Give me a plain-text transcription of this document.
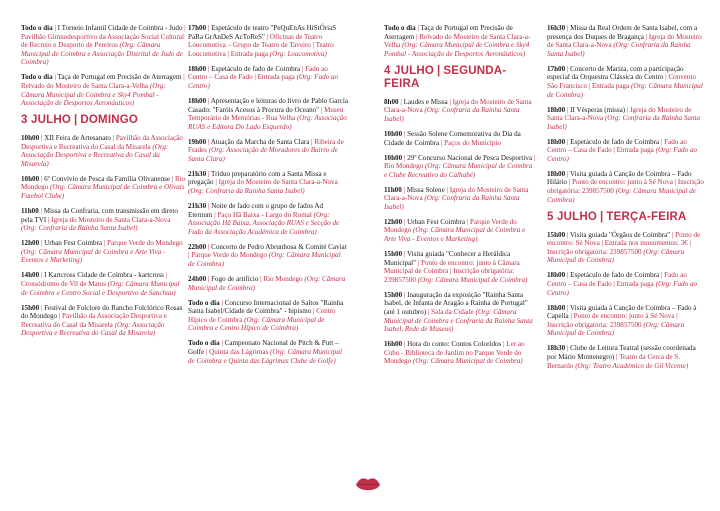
Todo o dia | I Torneio Infantil Cidade de Coimbra - Judo | Pavilhão Gimnodesportivo da Associação Social Cultural de Recreio e Desporto de Pereiros (Org: Câmara Municipal de Coimbra e Associação Distrital de Judo de Coimbra)

Todo o dia | Taça de Portugal em Precisão de Aterragem | Relvado do Mosteiro de Santa Clara-a-Velha (Org: Câmara Municipal de Coimbra e Sky4 Pombal - Associação de Desportos Aeronáuticos)

3 JULHO | DOMINGO

10h00 | XII Feira de Artesanato | Pavilhão da Associação Desportiva e Recreativa do Casal da Misarela (Org: Associação Desportiva e Recreativa do Casal da Misarela)

10h00 | 6º Convívio de Pesca da Família Olivanense | Rio Mondego (Org: Câmara Municipal de Coimbra e Olivais Futebol Clube)

11h00 | Missa da Confraria, com transmissão em direto pela TVI | Igreja do Mosteiro de Santa Clara-a-Nova (Org: Confraria da Rainha Santa Isabel)

12h00 | Urban Fest Coimbra | Parque Verde do Mondego (Org: Câmara Municipal de Coimbra e Arte Viva - Eventos e Marketing)

14h00 | I Kartcross Cidade de Coimbra - kartcross | Crossódromo de Vil de Matos (Org: Câmara Municipal de Coimbra e Centro Social e Desportivo de Sanchuu)

15h00 | Festival de Folclore do Rancho Folclórico Rosas do Mondego | Pavilhão da Associação Desportiva e Recreativa do Casal da Misarela (Org: Associação Desportiva e Recreativa do Casal da Misarela)

17h00 | Espetáculo de teatro "PeQuEnAs HiStÓriaS PaRa GrAnDeS AcToReS" | Oficinas de Teatro Loucomotiva – Grupo de Teatro de Taveiro | Teatro Loucomotiva | Entrada paga (Org: Loucomotiva)

18h00 | Espetáculo de fado de Coimbra | Fado ao Centro – Casa de Fado | Entrada paga (Org: Fado ao Centro)

18h00 | Apresentação e leituras do livro de Pablo García Casado: "Faróis Acesos à Procura do Oceano" | Museu Temporário de Memórias - Rua Velha (Org: Associação RUAS e Editora Do Lado Esquerdo)

19h00 | Atuação da Marcha de Santa Clara | Ribeira de Frades (Org: Associação de Moradores do Bairro de Santa Clara)

21h30 | Tríduo preparatório com a Santa Missa e pregação | Igreja do Mosteiro de Santa Clara-a-Nova (Org: Confraria da Rainha Santa Isabel)

21h30 | Noite de fado com o grupo de fados Ad Eternum | Paço Hã Baixa - Largo do Romal (Org: Associação Hã Baixa, Associação RUAS e Secção de Fado da Associação Académica de Coimbra)

22h00 | Concerto de Pedro Abrunhosa & Comité Caviar | Parque Verde do Mondego (Org: Câmara Municipal de Coimbra)

24h00 | Fogo de artifício | Rio Mondego (Org: Câmara Municipal de Coimbra)

Todo o dia | Concurso Internacional de Saltos "Rainha Santa Isabel/Cidade de Coimbra" - hipismo | Centro Hípico de Coimbra (Org: Câmara Municipal de Coimbra e Centro Hípico de Coimbra)

Todo o dia | Campeonato Nacional de Pitch & Putt – Golfe | Quinta das Lágrimas (Org: Câmara Municipal de Coimbra e Quinta das Lágrimas Clube de Golfe)

Todo o dia | Taça de Portugal em Precisão de Aterragem | Relvado do Mosteiro de Santa Clara-a-Velha (Org: Câmara Municipal de Coimbra e Sky4 Pombal - Associação de Desportos Aeronáuticos)

4 JULHO | SEGUNDA-FEIRA

8h00 | Laudes e Missa | Igreja do Mosteiro de Santa Clara-a-Nova (Org: Confraria da Rainha Santa Isabel)

10h00 | Sessão Solene Comemorativa do Dia da Cidade de Coimbra | Paços do Município

10h00 | 29º Concurso Nacional de Pesca Desportiva | Rio Mondego (Org: Câmara Municipal de Coimbra e Clube Recreativo do Calhabé)

11h00 | Missa Solene | Igreja do Mosteiro de Santa Clara-a-Nova (Org: Confraria da Rainha Santa Isabel)

12h00 | Urban Fest Coimbra | Parque Verde do Mondego (Org: Câmara Municipal de Coimbra e Arte Viva - Eventos e Marketing)

15h00 | Visita guiada "Conhecer a Heráldica Municipal" | Ponto de encontro: junto à Câmara Municipal de Coimbra | Inscrição obrigatória: 239857500 (Org: Câmara Municipal de Coimbra)

15h00 | Inauguração da exposição "Rainha Santa Isabel, de Infanta de Aragão a Rainha de Portugal" (até 1 outubro) | Sala da Cidade (Org: Câmara Municipal de Coimbra e Confraria da Rainha Santa Isabel, Rede de Museus)

16h00 | Hora do conto: Contos Coloridos | Ler ao Cubo - Biblioteca de Jardim no Parque Verde do Mondego (Org: Câmara Municipal de Coimbra)

16h30 | Missa da Real Ordem de Santa Isabel, com a presença dos Duques de Bragança | Igreja do Mosteiro de Santa Clara-a-Nova (Org: Confraria da Rainha Santa Isabel)

17h00 | Concerto de Mariza, com a participação especial da Orquestra Clássica do Centro | Convento São Francisco | Entrada paga (Org: Câmara Municipal de Coimbra)

18h00 | II Vésperas (missa) | Igreja do Mosteiro de Santa Clara-a-Nova (Org: Confraria da Rainha Santa Isabel)

18h00 | Espetáculo de fado de Coimbra | Fado ao Centro – Casa de Fado | Entrada paga (Org: Fado ao Centro)

18h00 | Visita guiada à Canção de Coimbra – Fado Hilário | Ponto de encontro: junto à Sé Nova | Inscrição obrigatória: 239857500 (Org: Câmara Municipal de Coimbra)

5 JULHO | TERÇA-FEIRA

15h00 | Visita guiada "Órgãos de Coimbra" | Ponto de encontro: Sé Nova | Entrada nos monumentos: 3€ | Inscrição obrigatória: 239857500 (Org: Câmara Municipal de Coimbra)

18h00 | Espetáculo de fado de Coimbra | Fado ao Centro – Casa de Fado | Entrada paga (Org: Fado ao Centro)

18h00 | Visita guiada à Canção de Coimbra – Fado à Capella | Ponto de encontro: junto à Sé Nova | Inscrição obrigatória: 239857500 (Org: Câmara Municipal de Coimbra)

18h30 | Clube de Leitura Teatral (sessão coordenada por Mário Montenegro) | Teatro da Cerca de S. Bernardo (Org: Teatro Académico de Gil Vicente)
